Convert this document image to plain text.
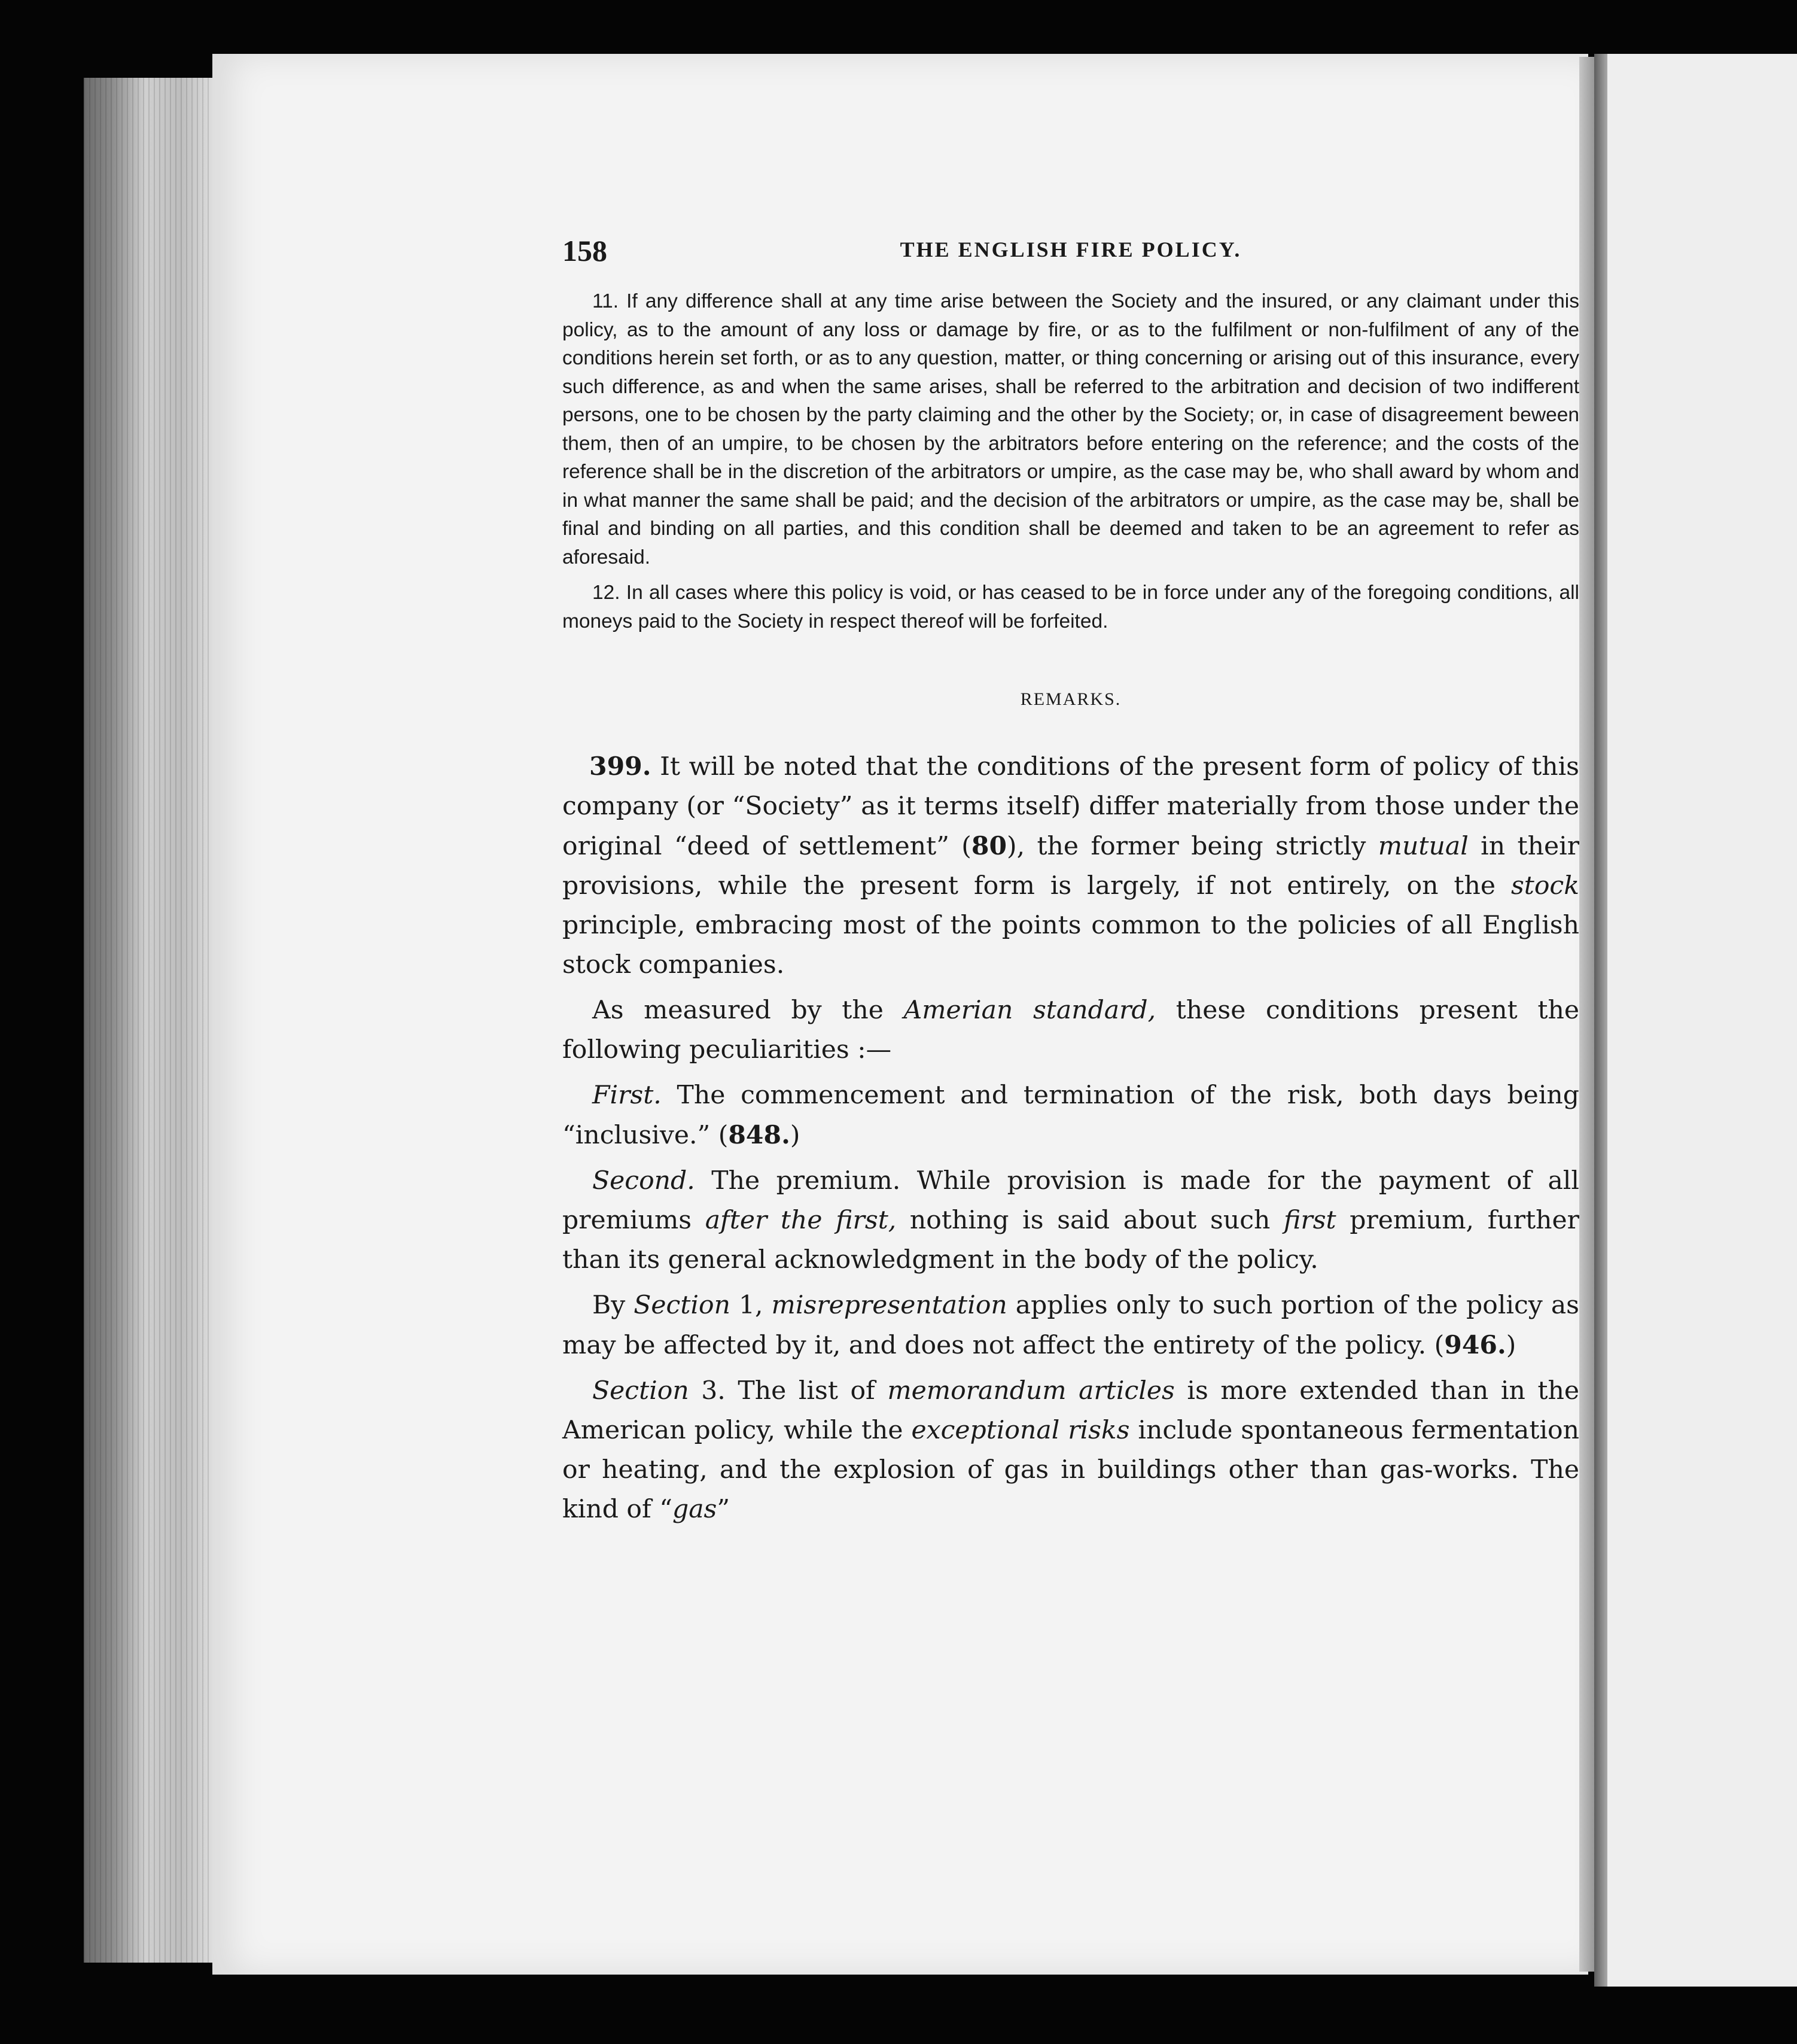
158	THE ENGLISH FIRE POLICY.

11. If any difference shall at any time arise between the Society and the insured, or any claimant under this policy, as to the amount of any loss or damage by fire, or as to the fulfilment or non-fulfilment of any of the conditions herein set forth, or as to any question, matter, or thing concerning or arising out of this insurance, every such difference, as and when the same arises, shall be referred to the arbitration and decision of two indifferent persons, one to be chosen by the party claiming and the other by the Society; or, in case of disagreement beween them, then of an umpire, to be chosen by the arbitrators before entering on the reference; and the costs of the reference shall be in the discretion of the arbitrators or umpire, as the case may be, who shall award by whom and in what manner the same shall be paid; and the decision of the arbitrators or umpire, as the case may be, shall be final and binding on all parties, and this condition shall be deemed and taken to be an agreement to refer as aforesaid.

12. In all cases where this policy is void, or has ceased to be in force under any of the foregoing conditions, all moneys paid to the Society in respect thereof will be forfeited.

REMARKS.

399. It will be noted that the conditions of the present form of policy of this company (or “Society” as it terms itself) differ materially from those under the original “deed of settlement” (80), the former being strictly mutual in their provisions, while the present form is largely, if not entirely, on the stock principle, embracing most of the points common to the policies of all English stock companies.

As measured by the Amerian standard, these conditions present the following peculiarities :—

First. The commencement and termination of the risk, both days being “inclusive.” (848.)

Second. The premium. While provision is made for the payment of all premiums after the first, nothing is said about such first premium, further than its general acknowledgment in the body of the policy.

By Section 1, misrepresentation applies only to such portion of the policy as may be affected by it, and does not affect the entirety of the policy. (946.)

Section 3. The list of memorandum articles is more extended than in the American policy, while the exceptional risks include spontaneous fermentation or heating, and the explosion of gas in buildings other than gas-works. The kind of “gas”
